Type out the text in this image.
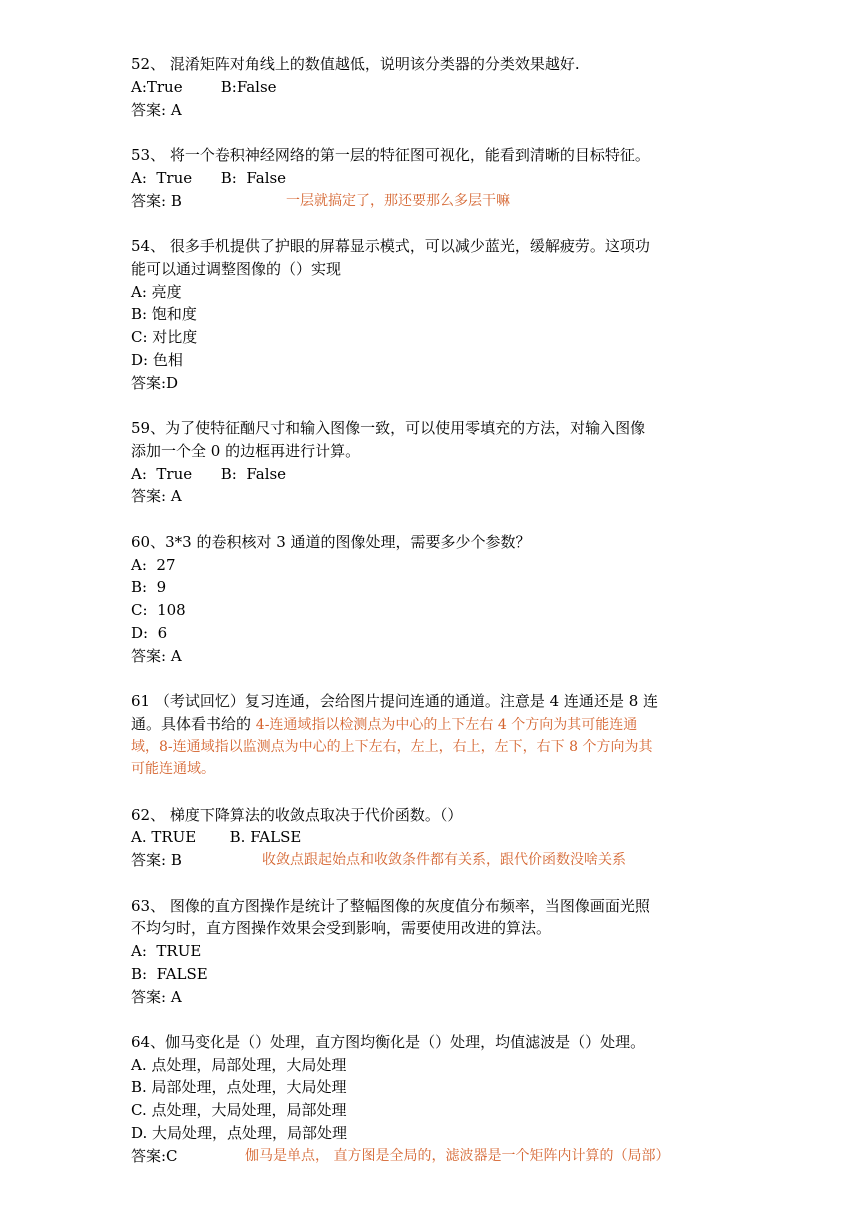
52、 混淆矩阵对角线上的数值越低，说明该分类器的分类效果越好.
A:True        B:False
答案: A
53、 将一个卷积神经网络的第一层的特征图可视化，能看到清晰的目标特征。
A:  True      B:  False
答案: B	一层就搞定了，那还要那么多层干嘛
54、 很多手机提供了护眼的屏幕显示模式，可以减少蓝光，缓解疲劳。这项功
能可以通过调整图像的（）实现
A: 亮度
B: 饱和度
C: 对比度
D: 色相
答案:D
59、为了使特征酗尺寸和输入图像一致，可以使用零填充的方法，对输入图像
添加一个全 0 的边框再进行计算。
A:  True      B:  False
答案: A
60、3*3 的卷积核对 3 通道的图像处理，需要多少个参数？
A:  27
B:  9
C:  108
D:  6
答案: A
61 （考试回忆）复习连通，会给图片提问连通的通道。注意是 4 连通还是 8 连
通。具体看书给的 4-连通域指以检测点为中心的上下左右 4 个方向为其可能连通
域，8-连通域指以监测点为中心的上下左右，左上，右上，左下，右下 8 个方向为其
可能连通域。
62、 梯度下降算法的收敛点取决于代价函数。（）
A. TRUE       B. FALSE
答案: B	收敛点跟起始点和收敛条件都有关系，跟代价函数没啥关系
63、 图像的直方图操作是统计了整幅图像的灰度值分布频率，当图像画面光照
不均匀时，直方图操作效果会受到影响，需要使用改进的算法。
A:  TRUE
B:  FALSE
答案: A
64、伽马变化是（）处理，直方图均衡化是（）处理，均值滤波是（）处理。
A. 点处理，局部处理，大局处理
B. 局部处理，点处理，大局处理
C. 点处理，大局处理，局部处理
D. 大局处理，点处理，局部处理
答案:C	伽马是单点， 直方图是全局的，滤波器是一个矩阵内计算的（局部）
